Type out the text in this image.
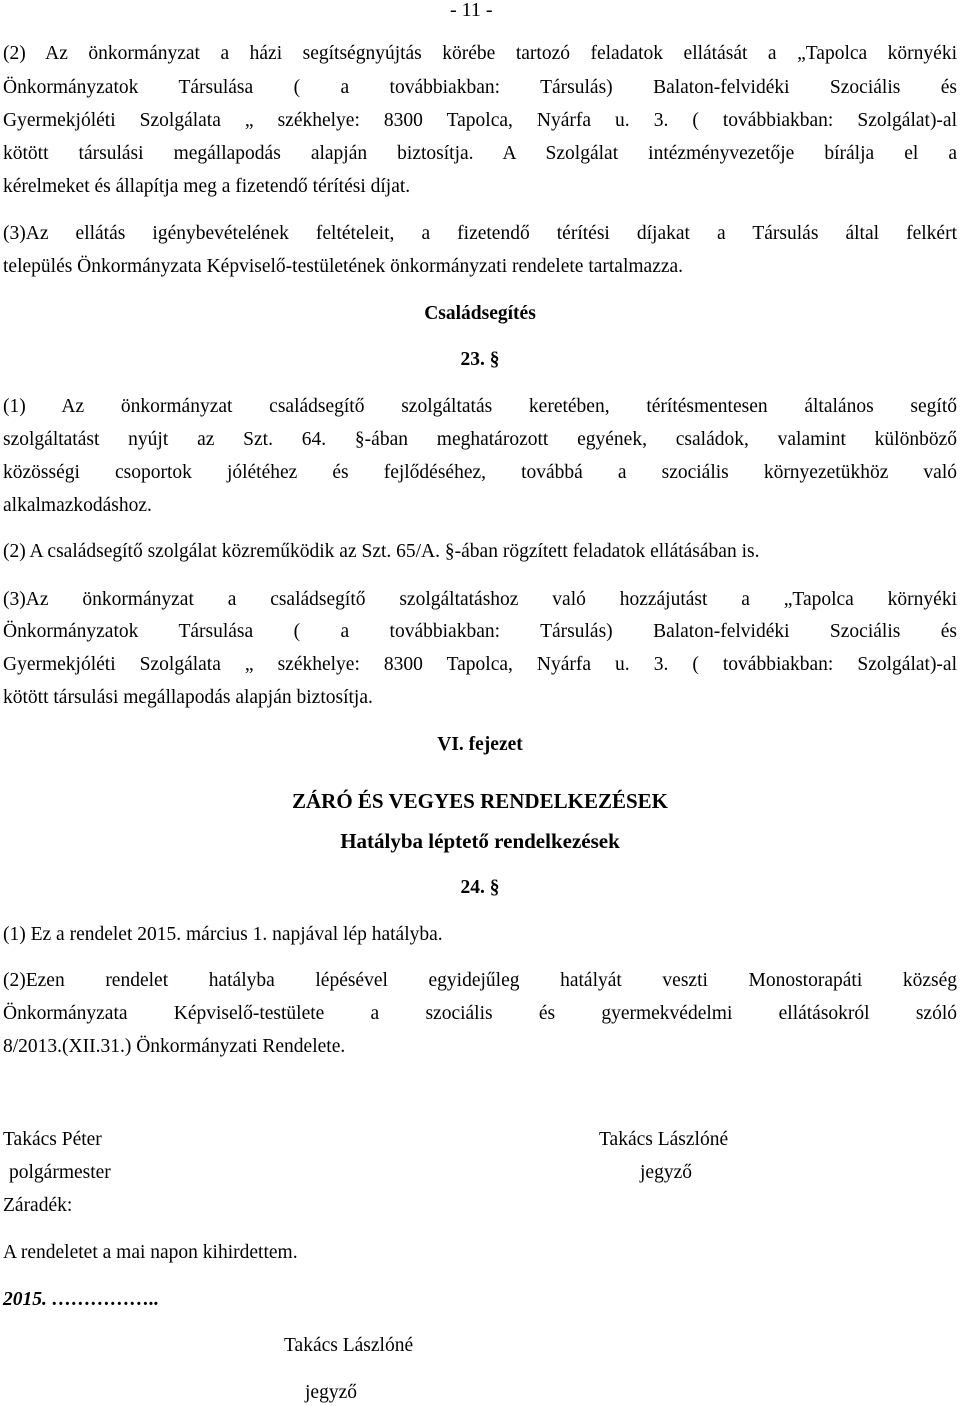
- 11 -
(2) Az önkormányzat a házi segítségnyújtás körébe tartozó feladatok ellátását a „Tapolca környéki
Önkormányzatok Társulása ( a továbbiakban: Társulás) Balaton-felvidéki Szociális és
Gyermekjóléti Szolgálata „ székhelye: 8300 Tapolca, Nyárfa u. 3. ( továbbiakban: Szolgálat)-al
kötött társulási megállapodás alapján biztosítja. A Szolgálat intézményvezetője bírálja el a
kérelmeket és állapítja meg a fizetendő térítési díjat.
(3)Az ellátás igénybevételének feltételeit, a fizetendő térítési díjakat a Társulás által felkért
település Önkormányzata Képviselő-testületének önkormányzati rendelete tartalmazza.
Családsegítés
23. §
(1) Az önkormányzat családsegítő szolgáltatás keretében, térítésmentesen általános segítő
szolgáltatást nyújt az Szt. 64. §-ában meghatározott egyének, családok, valamint különböző
közösségi csoportok jólétéhez és fejlődéséhez, továbbá a szociális környezetükhöz való
alkalmazkodáshoz.
(2) A családsegítő szolgálat közreműködik az Szt. 65/A. §-ában rögzített feladatok ellátásában is.
(3)Az önkormányzat a családsegítő szolgáltatáshoz való hozzájutást a „Tapolca környéki
Önkormányzatok Társulása ( a továbbiakban: Társulás) Balaton-felvidéki Szociális és
Gyermekjóléti Szolgálata „ székhelye: 8300 Tapolca, Nyárfa u. 3. ( továbbiakban: Szolgálat)-al
kötött társulási megállapodás alapján biztosítja.
VI. fejezet
ZÁRÓ ÉS VEGYES RENDELKEZÉSEK
Hatályba léptető rendelkezések
24. §
(1) Ez a rendelet 2015. március 1. napjával lép hatályba.
(2)Ezen rendelet hatályba lépésével egyidejűleg hatályát veszti Monostorapáti község
Önkormányzata Képviselő-testülete a szociális és gyermekvédelmi ellátásokról szóló
8/2013.(XII.31.) Önkormányzati Rendelete.
Takács Péter	Takács Lászlóné
polgármester	jegyző
Záradék:
A rendeletet a mai napon kihirdettem.
2015. ……………..
Takács Lászlóné
jegyző
